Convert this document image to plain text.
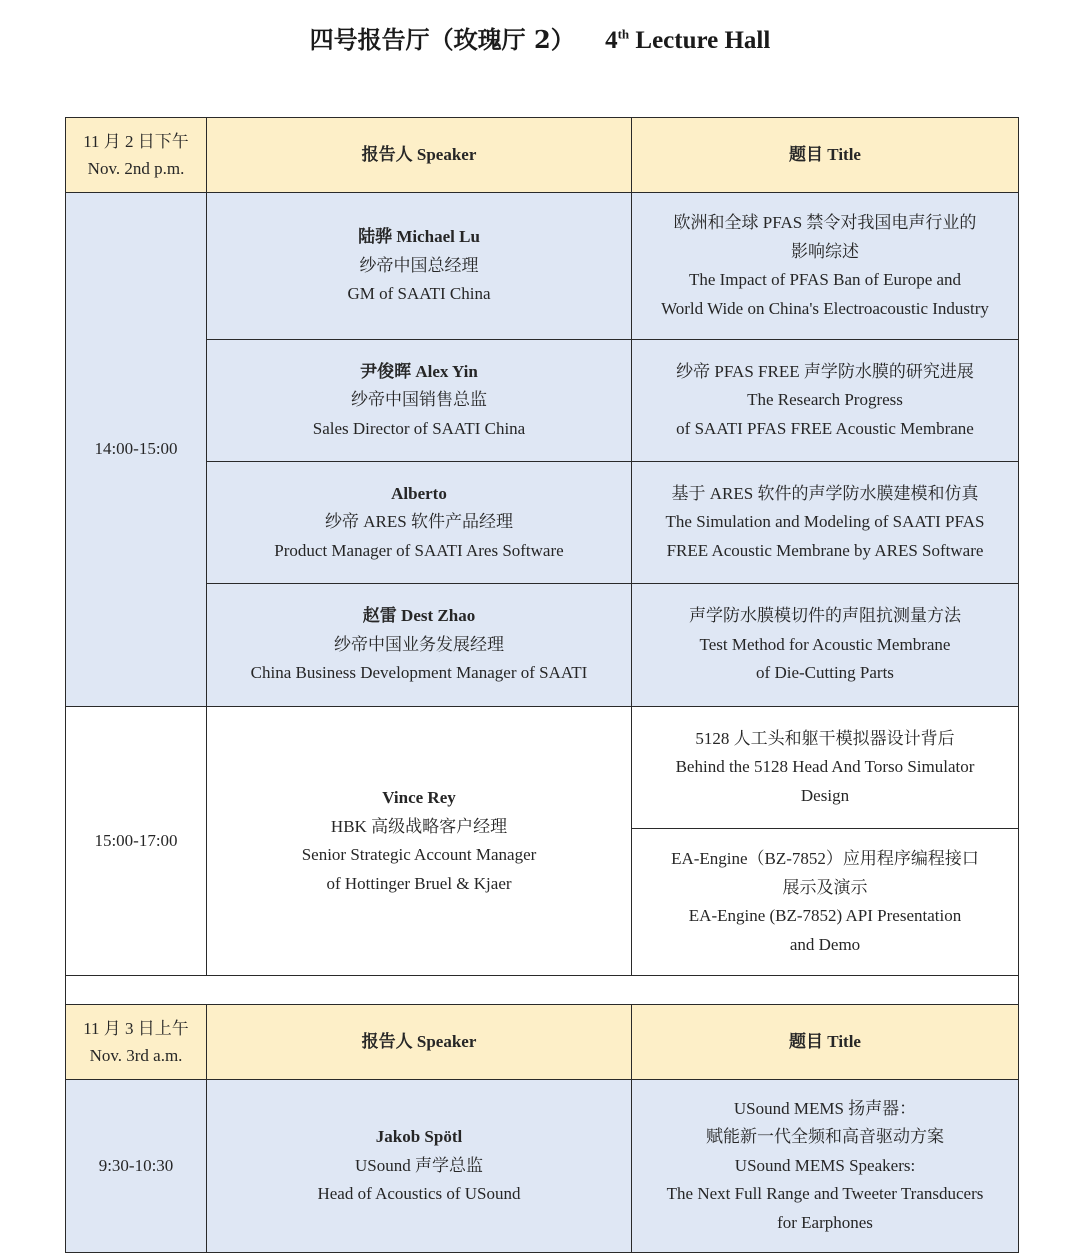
四号报告厅（玫瑰厅 2） 4th Lecture Hall
11 月 2 日下午
Nov. 2nd p.m.	报告人 Speaker	题目 Title
14:00-15:00	陆骅 Michael Lu
纱帝中国总经理
GM of SAATI China	欧洲和全球 PFAS 禁令对我国电声行业的
影响综述
The Impact of PFAS Ban of Europe and
World Wide on China's Electroacoustic Industry

	尹俊晖 Alex Yin
纱帝中国销售总监
Sales Director of SAATI China	纱帝 PFAS FREE 声学防水膜的研究进展
The Research Progress
of SAATI PFAS FREE Acoustic Membrane

	Alberto
纱帝 ARES 软件产品经理
Product Manager of SAATI Ares Software	基于 ARES 软件的声学防水膜建模和仿真
The Simulation and Modeling of SAATI PFAS
FREE Acoustic Membrane by ARES Software

	赵雷 Dest Zhao
纱帝中国业务发展经理
China Business Development Manager of SAATI	声学防水膜模切件的声阻抗测量方法
Test Method for Acoustic Membrane
of Die-Cutting Parts

15:00-17:00	Vince Rey
HBK 高级战略客户经理
Senior Strategic Account Manager
of Hottinger Bruel & Kjaer	5128 人工头和躯干模拟器设计背后
Behind the 5128 Head And Torso Simulator
Design

		EA-Engine（BZ-7852）应用程序编程接口
展示及演示
EA-Engine (BZ-7852) API Presentation
and Demo

11 月 3 日上午
Nov. 3rd a.m.	报告人 Speaker	题目 Title
9:30-10:30	Jakob Spötl
USound 声学总监
Head of Acoustics of USound	USound MEMS 扬声器：
赋能新一代全频和高音驱动方案
USound MEMS Speakers:
The Next Full Range and Tweeter Transducers
for Earphones
